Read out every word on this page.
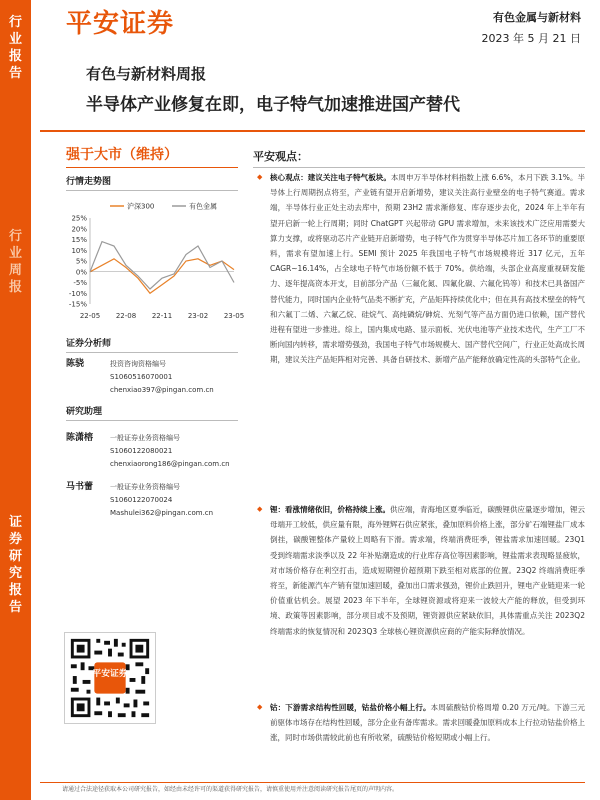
行
业
报
告
行
业
周
报
证
券
研
究
报
告
平安证券	有色金属与新材料
2023 年 5 月 21 日
有色与新材料周报
半导体产业修复在即，电子特气加速推进国产替代
强于大市（维持）
行情走势图
25%
20%
15%
10%
5%
0%
-5%
-10%
-15%
22-05 22-08 22-11 23-02 23-05
沪深300	有色金属
证券分析师
陈骁	投资咨询资格编号
S1060516070001
chenxiao397@pingan.com.cn
研究助理
陈潇榕 一般证券业务资格编号
S1060122080021
chenxiaorong186@pingan.com.cn
马书蕾 一般证券业务资格编号
S1060122070024
Mashulei362@pingan.com.cn
平安证券
平安观点：

◆ 核心观点：建议关注电子特气板块。本周申万半导体材料指数上涨 6.6%，本月下跌 3.1%。半导体上行周期拐点将至，产业链有望开启新增势，建议关注高行业壁垒的电子特气赛道。需求端，半导体行业正处主动去库中，预期 23H2 需求渐修复、库存逐步去化，2024 年上半年有望开启新一轮上行周期；同时 ChatGPT 兴起带动 GPU 需求增加，未来该技术广泛应用需要大算力支撑，或将驱动芯片产业链开启新增势，电子特气作为贯穿半导体芯片加工各环节的重要原料，需求有望加速上行。SEMI 预计 2025 年我国电子特气市场规模将近 317 亿元，五年 CAGR~16.14%，占全球电子特气市场份额不低于 70%。供给端，头部企业高度重视研发能力、逐年提高资本开支，目前部分产品（三氟化氮、四氟化碳、六氟化钨等）和技术已具备国产替代能力，同时国内企业特气品类不断扩充，产品矩阵持续优化中；但在具有高技术壁垒的特气和六氟丁二烯、六氟乙烷、硅烷气、高纯磷烷/砷烷、光刻气等产品方面仍进口依赖，国产替代进程有望进一步推进。综上，国内集成电路、显示面板、光伏电池等产业技术迭代，生产工厂不断向国内转移，需求增势强劲，我国电子特气市场规模大、国产替代空间广，行业正处高成长周期，建议关注产品矩阵相对完善、具备自研技术、新增产品产能释放确定性高的头部特气企业。

◆ 锂：看涨情绪依旧，价格持续上涨。供应端，青海地区夏季临近，碳酸锂供应量逐步增加，锂云母端开工较低，供应量有限，海外锂辉石供应紧张，叠加原料价格上涨，部分矿石端锂盐厂成本倒挂，碳酸锂整体产量较上周略有下滑。需求端，终端消费旺季，锂盐需求加速回暖。23Q1 受到终端需求淡季以及 22 年补贴潮造成的行业库存高位等因素影响，锂盐需求表现略显疲软，对市场价格存在利空打击，造成短期锂价超预期下跌至相对底部的位置。23Q2 终端消费旺季将至，新能源汽车产销有望加速回暖，叠加出口需求强劲，锂价止跌回升，锂电产业链迎来一轮价值重估机会。展望 2023 年下半年，全球锂资源或将迎来一波较大产能的释放，但受到环境、政策等因素影响，部分项目或不及预期，锂资源供应紧缺依旧，具体需重点关注 2023Q2 终端需求的恢复情况和 2023Q3 全球核心锂资源供应商的产能实际释放情况。

◆ 钴：下游需求结构性回暖，钴盐价格小幅上行。本周硫酸钴价格周增 0.20 万元/吨。下游三元前驱体市场存在结构性回暖，部分企业有备库需求。需求回暖叠加原料成本上行拉动钴盐价格上涨，同时市场供需较此前也有所收紧，硫酸钴价格短期或小幅上行。

请通过合法途径获取本公司研究报告，如经由未经许可的渠道获得研究报告，请慎重使用并注意阅读研究报告尾页的声明内容。
